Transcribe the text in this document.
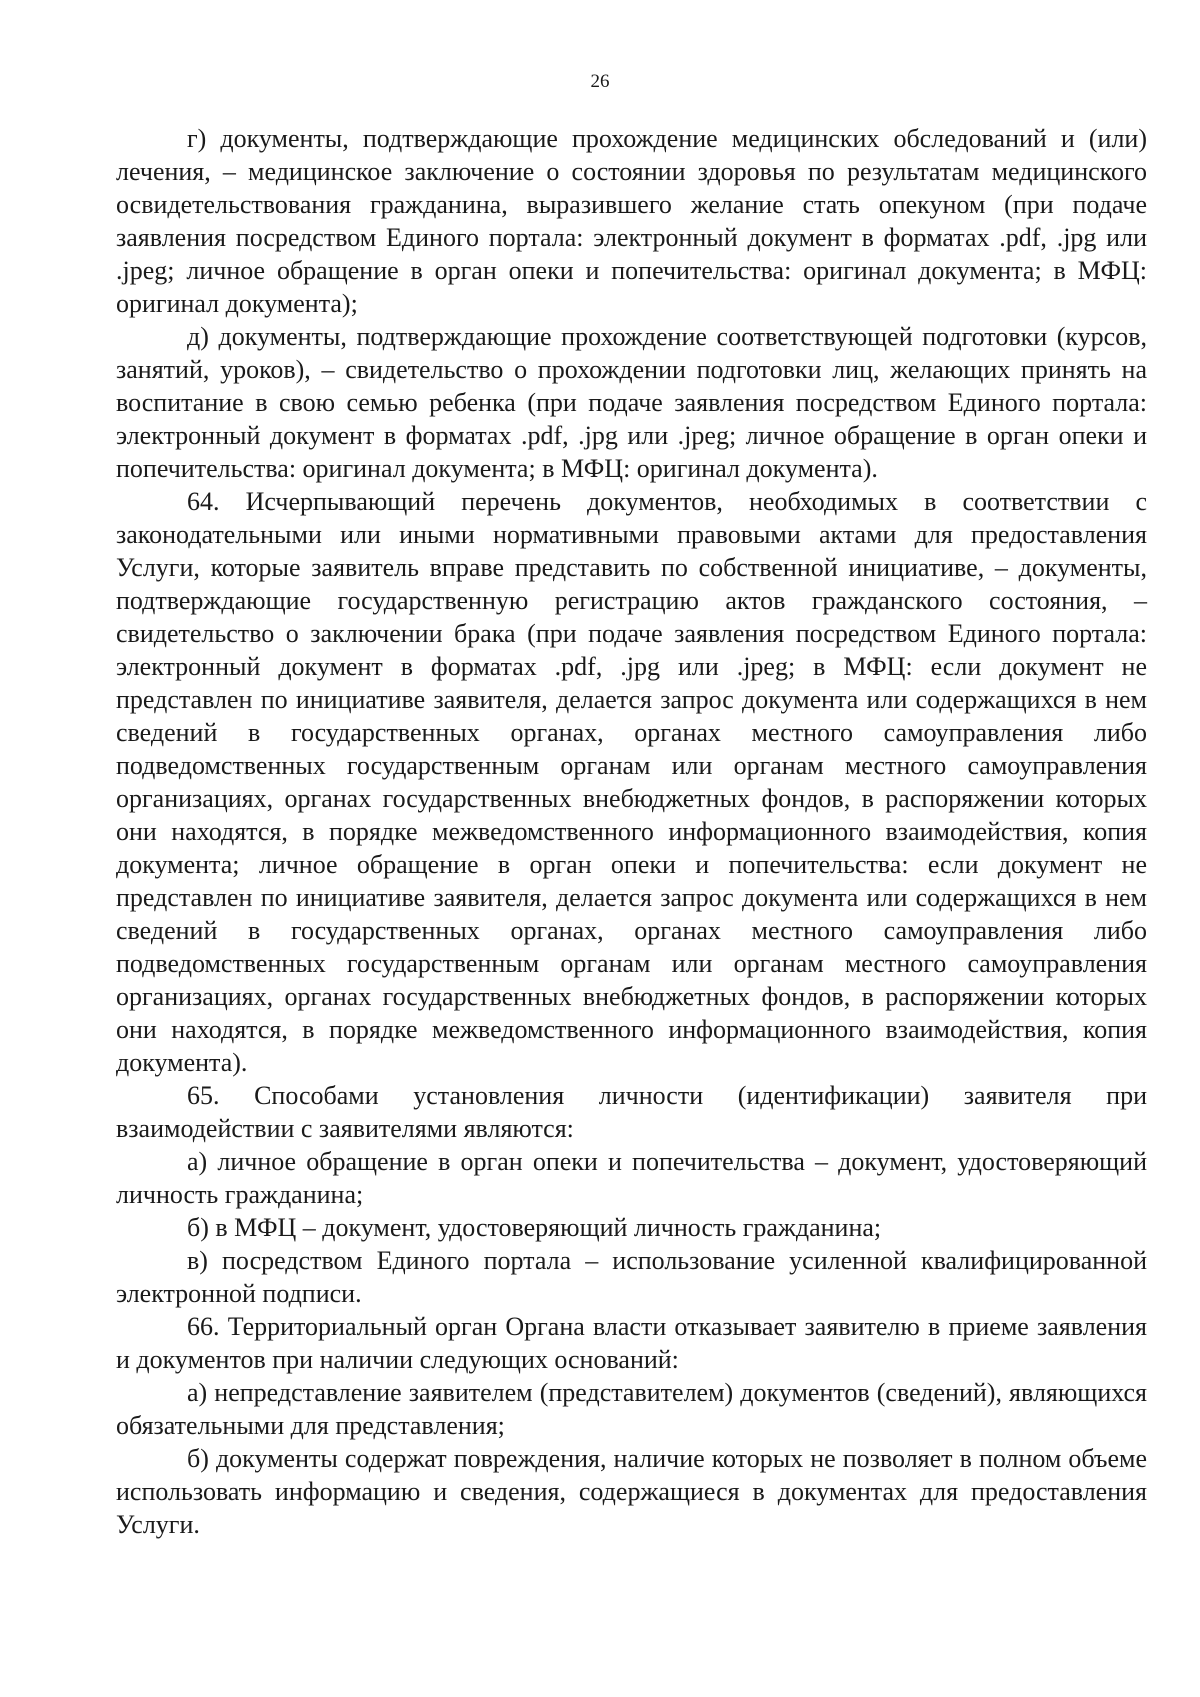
26

г) документы, подтверждающие прохождение медицинских обследований и (или) лечения, – медицинское заключение о состоянии здоровья по результатам медицинского освидетельствования гражданина, выразившего желание стать опекуном (при подаче заявления посредством Единого портала: электронный документ в форматах .pdf, .jpg или .jpeg; личное обращение в орган опеки и попечительства: оригинал документа; в МФЦ: оригинал документа);

д) документы, подтверждающие прохождение соответствующей подготовки (курсов, занятий, уроков), – свидетельство о прохождении подготовки лиц, желающих принять на воспитание в свою семью ребенка (при подаче заявления посредством Единого портала: электронный документ в форматах .pdf, .jpg или .jpeg; личное обращение в орган опеки и попечительства: оригинал документа; в МФЦ: оригинал документа).

64. Исчерпывающий перечень документов, необходимых в соответствии с законодательными или иными нормативными правовыми актами для предоставления Услуги, которые заявитель вправе представить по собственной инициативе, – документы, подтверждающие государственную регистрацию актов гражданского состояния, – свидетельство о заключении брака (при подаче заявления посредством Единого портала: электронный документ в форматах .pdf, .jpg или .jpeg; в МФЦ: если документ не представлен по инициативе заявителя, делается запрос документа или содержащихся в нем сведений в государственных органах, органах местного самоуправления либо подведомственных государственным органам или органам местного самоуправления организациях, органах государственных внебюджетных фондов, в распоряжении которых они находятся, в порядке межведомственного информационного взаимодействия, копия документа; личное обращение в орган опеки и попечительства: если документ не представлен по инициативе заявителя, делается запрос документа или содержащихся в нем сведений в государственных органах, органах местного самоуправления либо подведомственных государственным органам или органам местного самоуправления организациях, органах государственных внебюджетных фондов, в распоряжении которых они находятся, в порядке межведомственного информационного взаимодействия, копия документа).

65. Способами установления личности (идентификации) заявителя при взаимодействии с заявителями являются:

а) личное обращение в орган опеки и попечительства – документ, удостоверяющий личность гражданина;

б) в МФЦ – документ, удостоверяющий личность гражданина;

в) посредством Единого портала – использование усиленной квалифицированной электронной подписи.

66. Территориальный орган Органа власти отказывает заявителю в приеме заявления и документов при наличии следующих оснований:

а) непредставление заявителем (представителем) документов (сведений), являющихся обязательными для представления;

б) документы содержат повреждения, наличие которых не позволяет в полном объеме использовать информацию и сведения, содержащиеся в документах для предоставления Услуги.
